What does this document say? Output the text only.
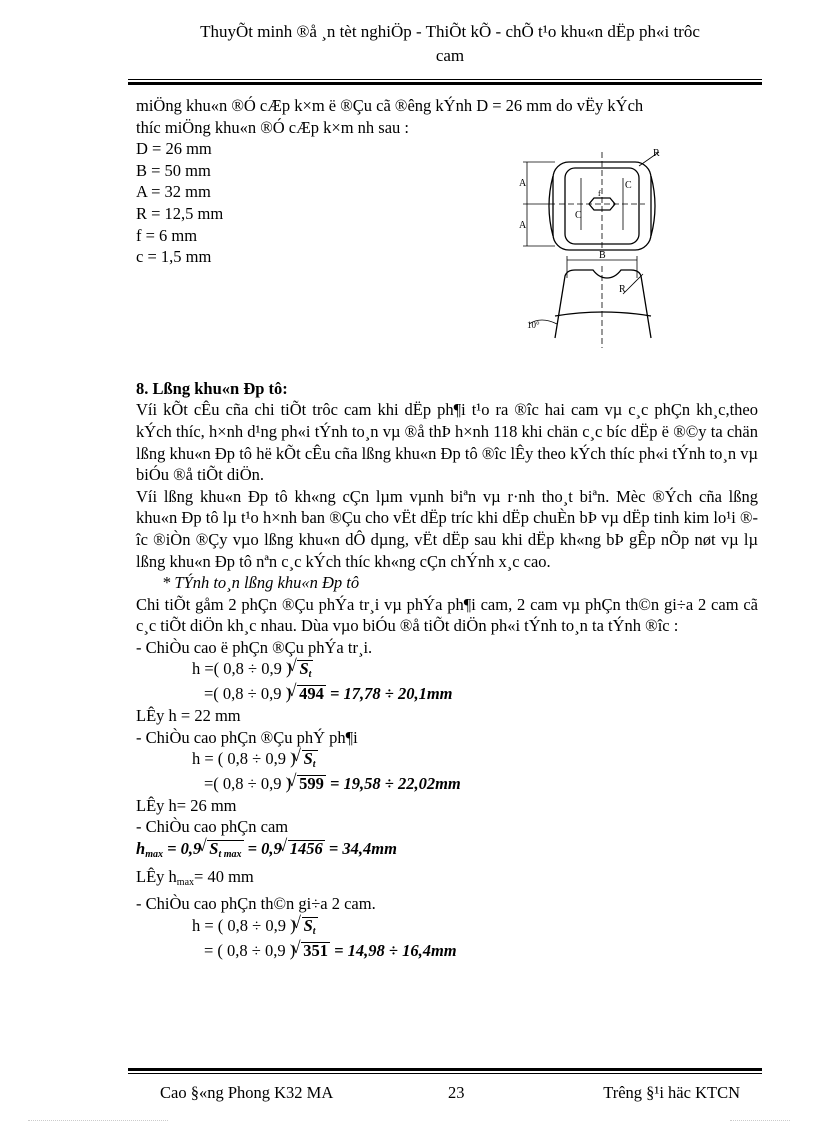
ThuyÕt minh ®å ¸n tèt nghiÖp - ThiÕt kÕ - chÕ t¹o khu«n dËp ph«i trôc
cam

miÖng khu«n ®Ó cÆp k×m ë ®Çu cã ®êng kÝnh D = 26 mm do vËy kÝch

thíc miÖng khu«n ®Ó cÆp k×m nh sau :

D = 26 mm

B = 50 mm

A = 32 mm

R = 12,5 mm

f = 6 mm

c = 1,5 mm

8. Lßng khu«n Ðp tô:

Víi kÕt cÊu cña chi tiÕt trôc cam khi dËp ph¶i t¹o ra ®îc hai cam vµ c¸c phÇn kh¸c,theo kÝch thíc, h×nh d¹ng ph«i tÝnh to¸n vµ ®å thÞ h×nh 118 khi chän c¸c bíc dËp ë ®©y ta chän lßng khu«n Ðp tô hë kÕt cÊu cña lßng khu«n Ðp tô ®îc lÊy theo kÝch thíc ph«i tÝnh to¸n vµ biÓu ®å tiÕt diÖn.

Víi lßng khu«n Ðp tô kh«ng cÇn lµm vµnh biªn vµ r·nh tho¸t biªn. Mèc ®Ých cña lßng khu«n Ðp tô lµ t¹o h×nh ban ®Çu cho vËt dËp tríc khi dËp chuÈn bÞ vµ dËp tinh kim lo¹i ®îc ®iÒn ®Çy vµo lßng khu«n dÔ dµng, vËt dËp sau khi dËp kh«ng bÞ gÊp nÕp nøt vµ lµ lßng khu«n Ðp tô nªn c¸c kÝch thíc kh«ng cÇn chÝnh x¸c cao.

* TÝnh to¸n lßng khu«n Ðp tô

Chi tiÕt gåm 2 phÇn ®Çu phÝa tr¸i vµ phÝa ph¶i cam, 2 cam vµ phÇn th©n gi÷a 2 cam cã c¸c tiÕt diÖn kh¸c nhau. Dùa vµo biÓu ®å tiÕt diÖn ph«i tÝnh to¸n ta tÝnh ®îc :

- ChiÒu cao ë phÇn ®Çu phÝa tr¸i.

h =( 0,8 ÷ 0,9 )√ $S_t$

=( 0,8 ÷ 0,9 )√ 494 = 17,78 ÷ 20,1mm

LÊy h = 22 mm

- ChiÒu cao phÇn ®Çu phÝ ph¶i

h = ( 0,8 ÷ 0,9 )√ $S_t$

=( 0,8 ÷ 0,9 )√ 599 = 19,58 ÷ 22,02mm

LÊy h= 26 mm

- ChiÒu cao phÇn cam

$h_{max} = 0,9√$ $S_{t max} = 0,9√$ 1456 = 34,4mm

LÊy $h_{max}= 40$ mm

- ChiÒu cao phÇn th©n gi÷a 2 cam.

h = ( 0,8 ÷ 0,9 )√ $S_t$

= ( 0,8 ÷ 0,9 )√ 351 = 14,98 ÷ 16,4mm

R
A
A
C
C
f
B
R
10°
Cao §«ng Phong K32 MA	23	Trêng §¹i häc KTCN
